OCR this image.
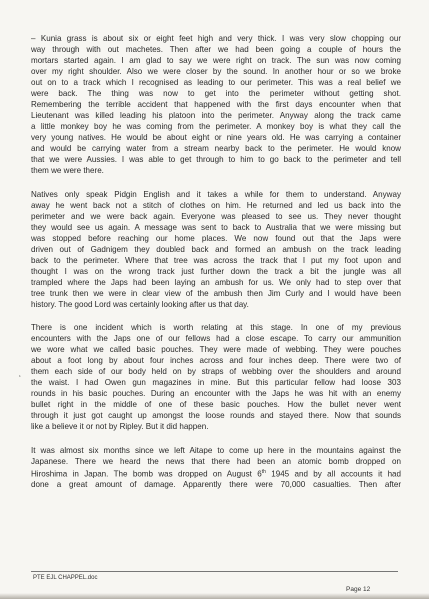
– Kunia grass is about six or eight feet high and very thick. I was very slow chopping our

way through with out machetes. Then after we had been going a couple of hours the

mortars started again. I am glad to say we were right on track. The sun was now coming

over my right shoulder. Also we were closer by the sound. In another hour or so we broke

out on to a track which I recognised as leading to our perimeter. This was a real belief we

were back. The thing was now to get into the perimeter without getting shot.

Remembering the terrible accident that happened with the first days encounter when that

Lieutenant was killed leading his platoon into the perimeter. Anyway along the track came

a little monkey boy he was coming from the perimeter. A monkey boy is what they call the

very young natives. He would be about eight or nine years old. He was carrying a container

and would be carrying water from a stream nearby back to the perimeter. He would know

that we were Aussies. I was able to get through to him to go back to the perimeter and tell

them we were there.

Natives only speak Pidgin English and it takes a while for them to understand. Anyway

away he went back not a stitch of clothes on him. He returned and led us back into the

perimeter and we were back again. Everyone was pleased to see us. They never thought

they would see us again. A message was sent to back to Australia that we were missing but

was stopped before reaching our home places. We now found out that the Japs were

driven out of Gadnigem they doubled back and formed an ambush on the track leading

back to the perimeter. Where that tree was across the track that I put my foot upon and

thought I was on the wrong track just further down the track a bit the jungle was all

trampled where the Japs had been laying an ambush for us. We only had to step over that

tree trunk then we were in clear view of the ambush then Jim Curly and I would have been

history. The good Lord was certainly looking after us that day.

There is one incident which is worth relating at this stage. In one of my previous

encounters with the Japs one of our fellows had a close escape. To carry our ammunition

we wore what we called basic pouches. They were made of webbing. They were pouches

about a foot long by about four inches across and four inches deep. There were two of

them each side of our body held on by straps of webbing over the shoulders and around

the waist. I had Owen gun magazines in mine. But this particular fellow had loose 303

rounds in his basic pouches. During an encounter with the Japs he was hit with an enemy

bullet right in the middle of one of these basic pouches. How the bullet never went

through it just got caught up amongst the loose rounds and stayed there. Now that sounds

like a believe it or not by Ripley. But it did happen.

It was almost six months since we left Aitape to come up here in the mountains against the

Japanese. There we heard the news that there had been an atomic bomb dropped on

Hiroshima in Japan. The bomb was dropped on August 6th 1945 and by all accounts it had

done a great amount of damage. Apparently there were 70,000 casualties. Then after

‘
PTE EJL CHAPPEL.doc
Page 12
